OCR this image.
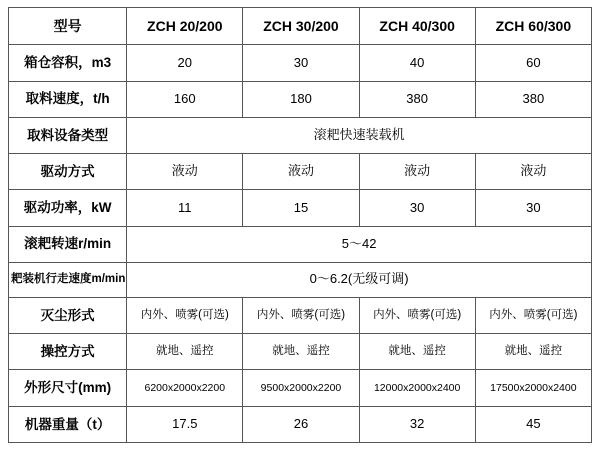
型号	ZCH 20/200	ZCH 30/200	ZCH 40/300	ZCH 60/300
箱仓容积，m3	20	30	40	60
取料速度，t/h	160	180	380	380
取料设备类型	滚耙快速装载机			
驱动方式	液动	液动	液动	液动
驱动功率，kW	11	15	30	30
滚耙转速r/min	5～42			
耙装机行走速度m/min	0～6.2(无级可调)			
灭尘形式	内外、喷雾(可选)	内外、喷雾(可选)	内外、喷雾(可选)	内外、喷雾(可选)
操控方式	就地、遥控	就地、遥控	就地、遥控	就地、遥控
外形尺寸(mm)	6200x2000x2200	9500x2000x2200	12000x2000x2400	17500x2000x2400
机器重量（t）	17.5	26	32	45
